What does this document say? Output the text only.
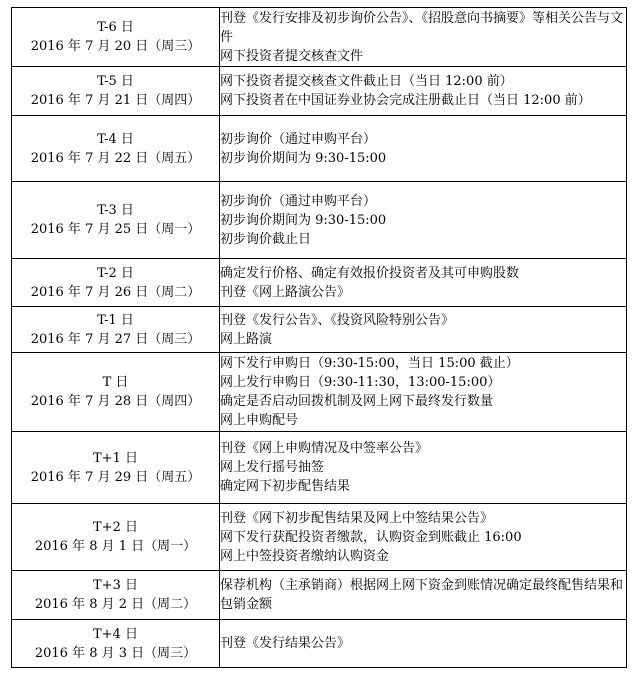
T-6 日
2016 年 7 月 20 日（周三）	刊登《发行安排及初步询价公告》、《招股意向书摘要》等相关公告与文件
网下投资者提交核查文件

T-5 日
2016 年 7 月 21 日（周四）	网下投资者提交核查文件截止日（当日 12:00 前）
网下投资者在中国证券业协会完成注册截止日（当日 12:00 前）

T-4 日
2016 年 7 月 22 日（周五）	初步询价（通过申购平台）
初步询价期间为 9:30-15:00

T-3 日
2016 年 7 月 25 日（周一）	初步询价（通过申购平台）
初步询价期间为 9:30-15:00
初步询价截止日

T-2 日
2016 年 7 月 26 日（周二）	确定发行价格、确定有效报价投资者及其可申购股数
刊登《网上路演公告》

T-1 日
2016 年 7 月 27 日（周三）	刊登《发行公告》、《投资风险特别公告》
网上路演

T 日
2016 年 7 月 28 日（周四）	网下发行申购日（9:30-15:00，当日 15:00 截止）
网上发行申购日（9:30-11:30，13:00-15:00）
确定是否启动回拨机制及网上网下最终发行数量
网上申购配号

T+1 日
2016 年 7 月 29 日（周五）	刊登《网上申购情况及中签率公告》
网上发行摇号抽签
确定网下初步配售结果

T+2 日
2016 年 8 月 1 日（周一）	刊登《网下初步配售结果及网上中签结果公告》
网下发行获配投资者缴款，认购资金到账截止 16:00
网上中签投资者缴纳认购资金

T+3 日
2016 年 8 月 2 日（周二）	保荐机构（主承销商）根据网上网下资金到账情况确定最终配售结果和包销金额

T+4 日
2016 年 8 月 3 日（周三）	刊登《发行结果公告》
